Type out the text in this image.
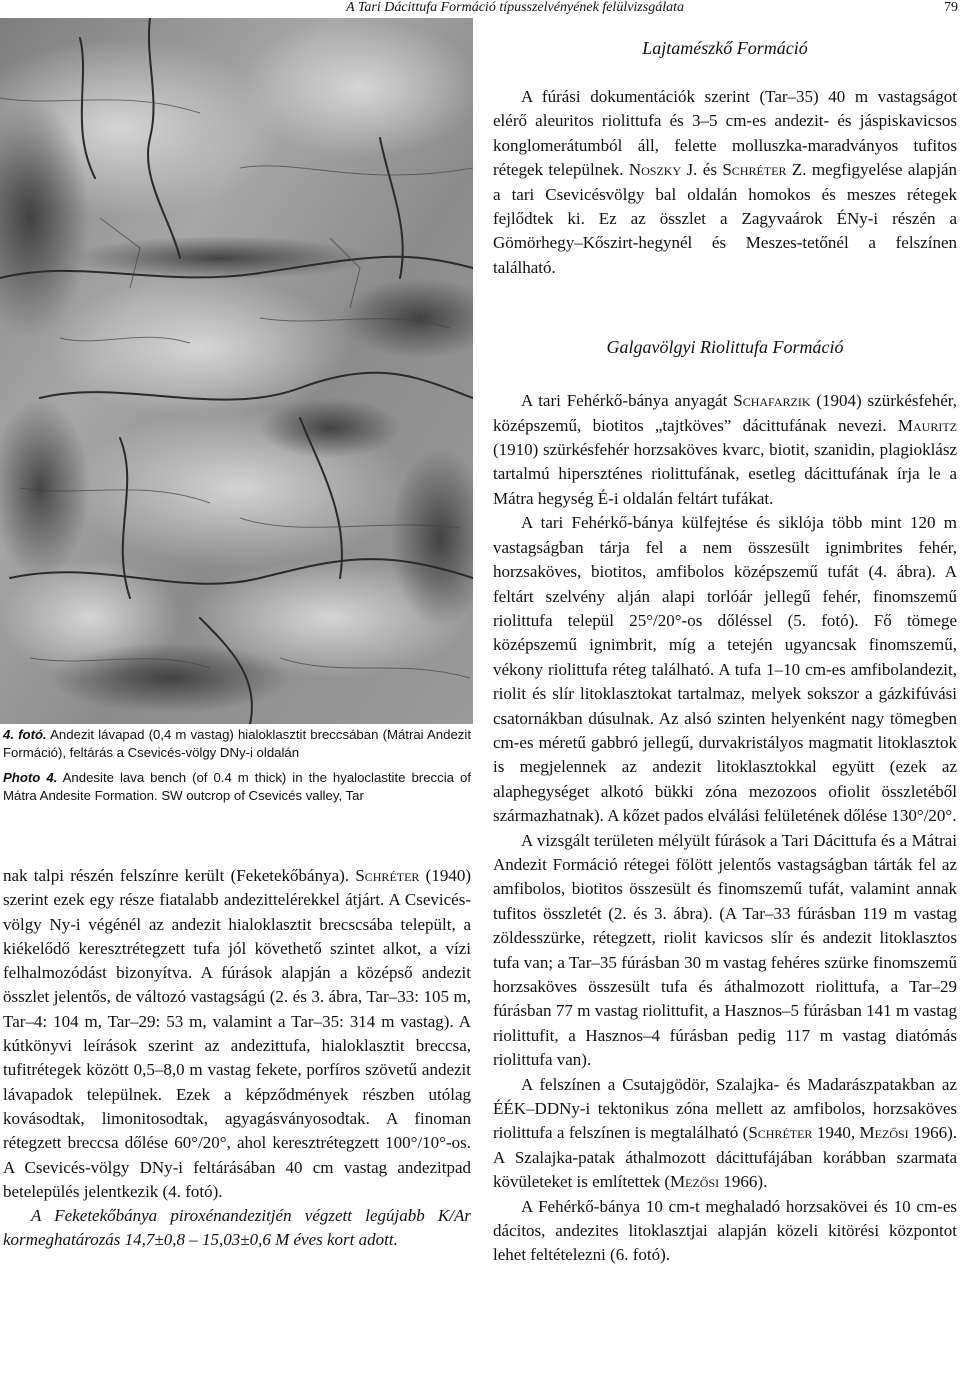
A Tari Dácittufa Formáció típusszelvényének felülvizsgálata	79

4. fotó. Andezit lávapad (0,4 m vastag) hialoklasztit breccsában (Mátrai Andezit Formáció), feltárás a Csevicés-völgy DNy-i oldalán

Photo 4. Andesite lava bench (of 0.4 m thick) in the hyaloclastite breccia of Mátra Andesite Formation. SW outcrop of Csevicés valley, Tar

nak talpi részén felszínre került (Feketekőbánya). Schréter (1940) szerint ezek egy része fiatalabb andezittelérekkel átjárt. A Csevicés-völgy Ny-i végénél az andezit hialoklasztit brecscsába települt, a kiékelődő keresztrétegzett tufa jól követhető szintet alkot, a vízi felhalmozódást bizonyítva. A fúrások alapján a középső andezit összlet jelentős, de változó vastagságú (2. és 3. ábra, Tar–33: 105 m, Tar–4: 104 m, Tar–29: 53 m, valamint a Tar–35: 314 m vastag). A kútkönyvi leírások szerint az andezittufa, hialoklasztit breccsa, tufitrétegek között 0,5–8,0 m vastag fekete, porfíros szövetű andezit lávapadok települnek. Ezek a képződmények részben utólag kovásodtak, limonitosodtak, agyagásványosodtak. A finoman rétegzett breccsa dőlése 60°/20°, ahol keresztrétegzett 100°/10°-os. A Csevicés-völgy DNy-i feltárásában 40 cm vastag andezitpad betelepülés jelentkezik (4. fotó).

A Feketekőbánya piroxénandezitjén végzett legújabb K/Ar kormeghatározás 14,7±0,8 – 15,03±0,6 M éves kort adott.

Lajtamészkő Formáció

A fúrási dokumentációk szerint (Tar–35) 40 m vastagságot elérő aleuritos riolittufa és 3–5 cm-es andezit- és jáspiskavicsos konglomerátumból áll, felette molluszka-maradványos tufitos rétegek települnek. Noszky J. és Schréter Z. megfigyelése alapján a tari Csevicésvölgy bal oldalán homokos és meszes rétegek fejlődtek ki. Ez az összlet a Zagyvaárok ÉNy-i részén a Gömörhegy–Kőszirt-hegynél és Meszes-tetőnél a felszínen található.

Galgavölgyi Riolittufa Formáció

A tari Fehérkő-bánya anyagát Schafarzik (1904) szürkésfehér, középszemű, biotitos „tajtköves” dácittufának nevezi. Mauritz (1910) szürkésfehér horzsaköves kvarc, biotit, szanidin, plagioklász tartalmú hiperszténes riolittufának, esetleg dácittufának írja le a Mátra hegység É-i oldalán feltárt tufákat.

A tari Fehérkő-bánya külfejtése és siklója több mint 120 m vastagságban tárja fel a nem összesült ignimbrites fehér, horzsaköves, biotitos, amfibolos középszemű tufát (4. ábra). A feltárt szelvény alján alapi torlóár jellegű fehér, finomszemű riolittufa települ 25°/20°-os dőléssel (5. fotó). Fő tömege középszemű ignimbrit, míg a tetején ugyancsak finomszemű, vékony riolittufa réteg található. A tufa 1–10 cm-es amfibolandezit, riolit és slír litoklasztokat tartalmaz, melyek sokszor a gázkifúvási csatornákban dúsulnak. Az alsó szinten helyenként nagy tömegben cm-es méretű gabbró jellegű, durvakristályos magmatit litoklasztok is megjelennek az andezit litoklasztokkal együtt (ezek az alaphegységet alkotó bükki zóna mezozoos ofiolit összletéből származhatnak). A kőzet pados elválási felületének dőlése 130°/20°.

A vizsgált területen mélyült fúrások a Tari Dácittufa és a Mátrai Andezit Formáció rétegei fölött jelentős vastagságban tárták fel az amfibolos, biotitos összesült és finomszemű tufát, valamint annak tufitos összletét (2. és 3. ábra). (A Tar–33 fúrásban 119 m vastag zöldesszürke, rétegzett, riolit kavicsos slír és andezit litoklasztos tufa van; a Tar–35 fúrásban 30 m vastag fehéres szürke finomszemű horzsaköves összesült tufa és áthalmozott riolittufa, a Tar–29 fúrásban 77 m vastag riolittufit, a Hasznos–5 fúrásban 141 m vastag riolittufit, a Hasznos–4 fúrásban pedig 117 m vastag diatómás riolittufa van).

A felszínen a Csutajgödör, Szalajka- és Madarászpatakban az ÉÉK–DDNy-i tektonikus zóna mellett az amfibolos, horzsaköves riolittufa a felszínen is megtalálható (Schréter 1940, Mezősi 1966). A Szalajka-patak áthalmozott dácittufájában korábban szarmata kövületeket is említettek (Mezősi 1966).

A Fehérkő-bánya 10 cm-t meghaladó horzsakövei és 10 cm-es dácitos, andezites litoklasztjai alapján közeli kitörési központot lehet feltételezni (6. fotó).
